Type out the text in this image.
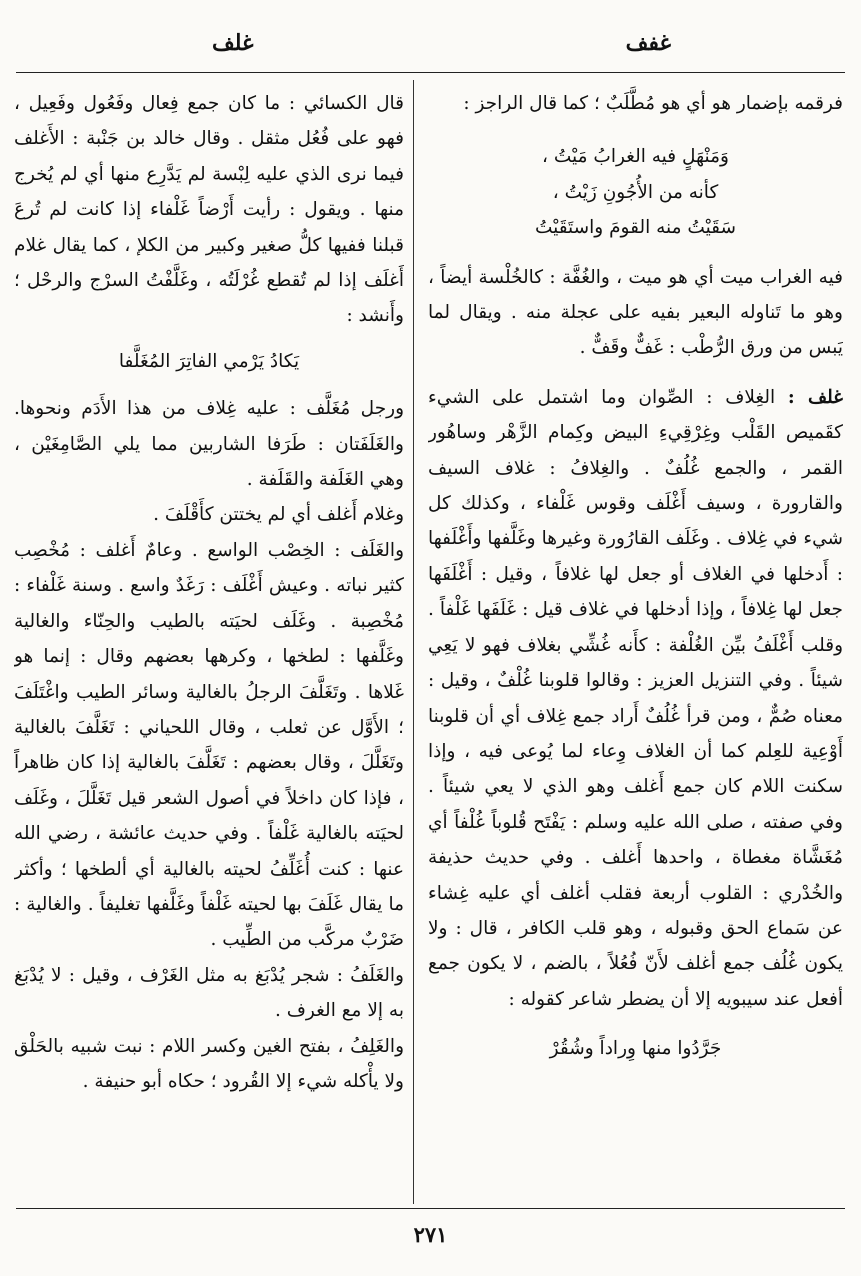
غفف
غلف

فرقمه بإضمار هو أي هو مُطَّلَبٌ ؛ كما قال الراجز :

وَمَنْهَلٍ فيه الغرابُ مَيْتُ ،

كأنه من الأُجُونِ زَيْتُ ،

سَقَيْتُ منه القومَ واستَقَيْتُ

فيه الغراب ميت أي هو ميت ، والغُفَّة : كالخُلْسة أيضاً ، وهو ما تَناوله البعير بفيه على عجلة منه . ويقال لما يَبس من ورق الرُّطْب : غَفٌّ وقَفٌّ .

غلف : الغِلاف : الصِّوان وما اشتمل على الشيء كقَميص القَلْب وغِرْقِيءِ البيض وكِمام الزَّهْر وساهُور القمر ، والجمع غُلُفٌ . والغِلافُ : غلاف السيف والقارورة ، وسيف أَغْلَف وقوس غَلْفاء ، وكذلك كل شيء في غِلاف . وغَلَف القارُورة وغيرها وغَلَّفها وأَغْلَفها : أَدخلها في الغلاف أو جعل لها غلافاً ، وقيل : أَغْلَفَها جعل لها غِلافاً ، وإذا أدخلها في غلاف قيل : غَلَفَها غَلْفاً . وقلب أَغْلَفُ بيِّن الغُلْفة : كأَنه غُشِّي بغلاف فهو لا يَعِي شيئاً . وفي التنزيل العزيز : وقالوا قلوبنا غُلْفٌ ، وقيل : معناه صُمٌّ ، ومن قرأ غُلُفٌ أَراد جمع غِلاف أي أن قلوبنا أَوْعِية للعِلم كما أن الغلاف وِعاء لما يُوعى فيه ، وإذا سكنت اللام كان جمع أَغلف وهو الذي لا يعي شيئاً . وفي صفته ، صلى الله عليه وسلم : يَفْتَح قُلوباً غُلْفاً أي مُغَشَّاة مغطاة ، واحدها أَغلف . وفي حديث حذيفة والخُدْري : القلوب أربعة فقلب أغلف أي عليه غِشاء عن سَماع الحق وقبوله ، وهو قلب الكافر ، قال : ولا يكون غُلُف جمع أغلف لأَنّ فُعُلاً ، بالضم ، لا يكون جمع أفعل عند سيبويه إلا أن يضطر شاعر كقوله :

جَرَّدُوا منها وِراداً وشُقُرْ

قال الكسائي : ما كان جمع فِعال وفَعُول وفَعِيل ، فهو على فُعُل مثقل . وقال خالد بن جَنْبة : الأَغلف فيما نرى الذي عليه لِبْسة لم يَدَّرِع منها أي لم يُخرج منها . ويقول : رأيت أَرْضاً غَلْفاء إذا كانت لم تُرعَ قبلنا ففيها كلُّ صغير وكبير من الكلإ ، كما يقال غلام أَغلَف إذا لم تُقطع غُرْلَتُه ، وغَلَّفْتُ السرْج والرحْل ؛ وأَنشد :

يَكادُ يَرْمي الفاتِرَ المُغَلَّفا

ورجل مُغَلَّف : عليه غِلاف من هذا الأَدَم ونحوها. والغَلَفَتان : طَرَفا الشاربين مما يلي الصَّامِغَيْن ، وهي الغَلَفة والقَلَفة .

وغلام أَغلف أي لم يختتن كأَقْلَفَ .

والغَلَف : الخِصْب الواسع . وعامٌ أَغلف : مُخْصِب كثير نباته . وعيش أَغْلَف : رَغَدٌ واسع . وسنة غَلْفاء : مُخْصِبة . وغَلَف لحيَته بالطيب والحِنّاء والغالية وغَلَّفها : لطخها ، وكرهها بعضهم وقال : إنما هو غَلاها . وتَغَلَّفَ الرجلُ بالغالية وسائر الطيب واغْتَلَفَ ؛ الأَوَّل عن ثعلب ، وقال اللحياني : تَغَلَّفَ بالغالية وتَغَلَّلَ ، وقال بعضهم : تَغَلَّفَ بالغالية إذا كان ظاهراً ، فإذا كان داخلاً في أصول الشعر قيل تَغَلَّلَ ، وغَلَف لحيَته بالغالية غَلْفاً . وفي حديث عائشة ، رضي الله عنها : كنت أُغَلِّفُ لحيته بالغالية أي ألطخها ؛ وأكثر ما يقال غَلَفَ بها لحيته غَلْفاً وغَلَّفها تغليفاً . والغالية : ضَرْبٌ مركَّب من الطِّيب .

والغَلَفُ : شجر يُدْبَغ به مثل الغَرْف ، وقيل : لا يُدْبَغ به إلا مع الغرف .

والغَلِفُ ، بفتح الغين وكسر اللام : نبت شبيه بالحَلْق ولا يأْكله شيء إلا القُرود ؛ حكاه أبو حنيفة .

٢٧١
